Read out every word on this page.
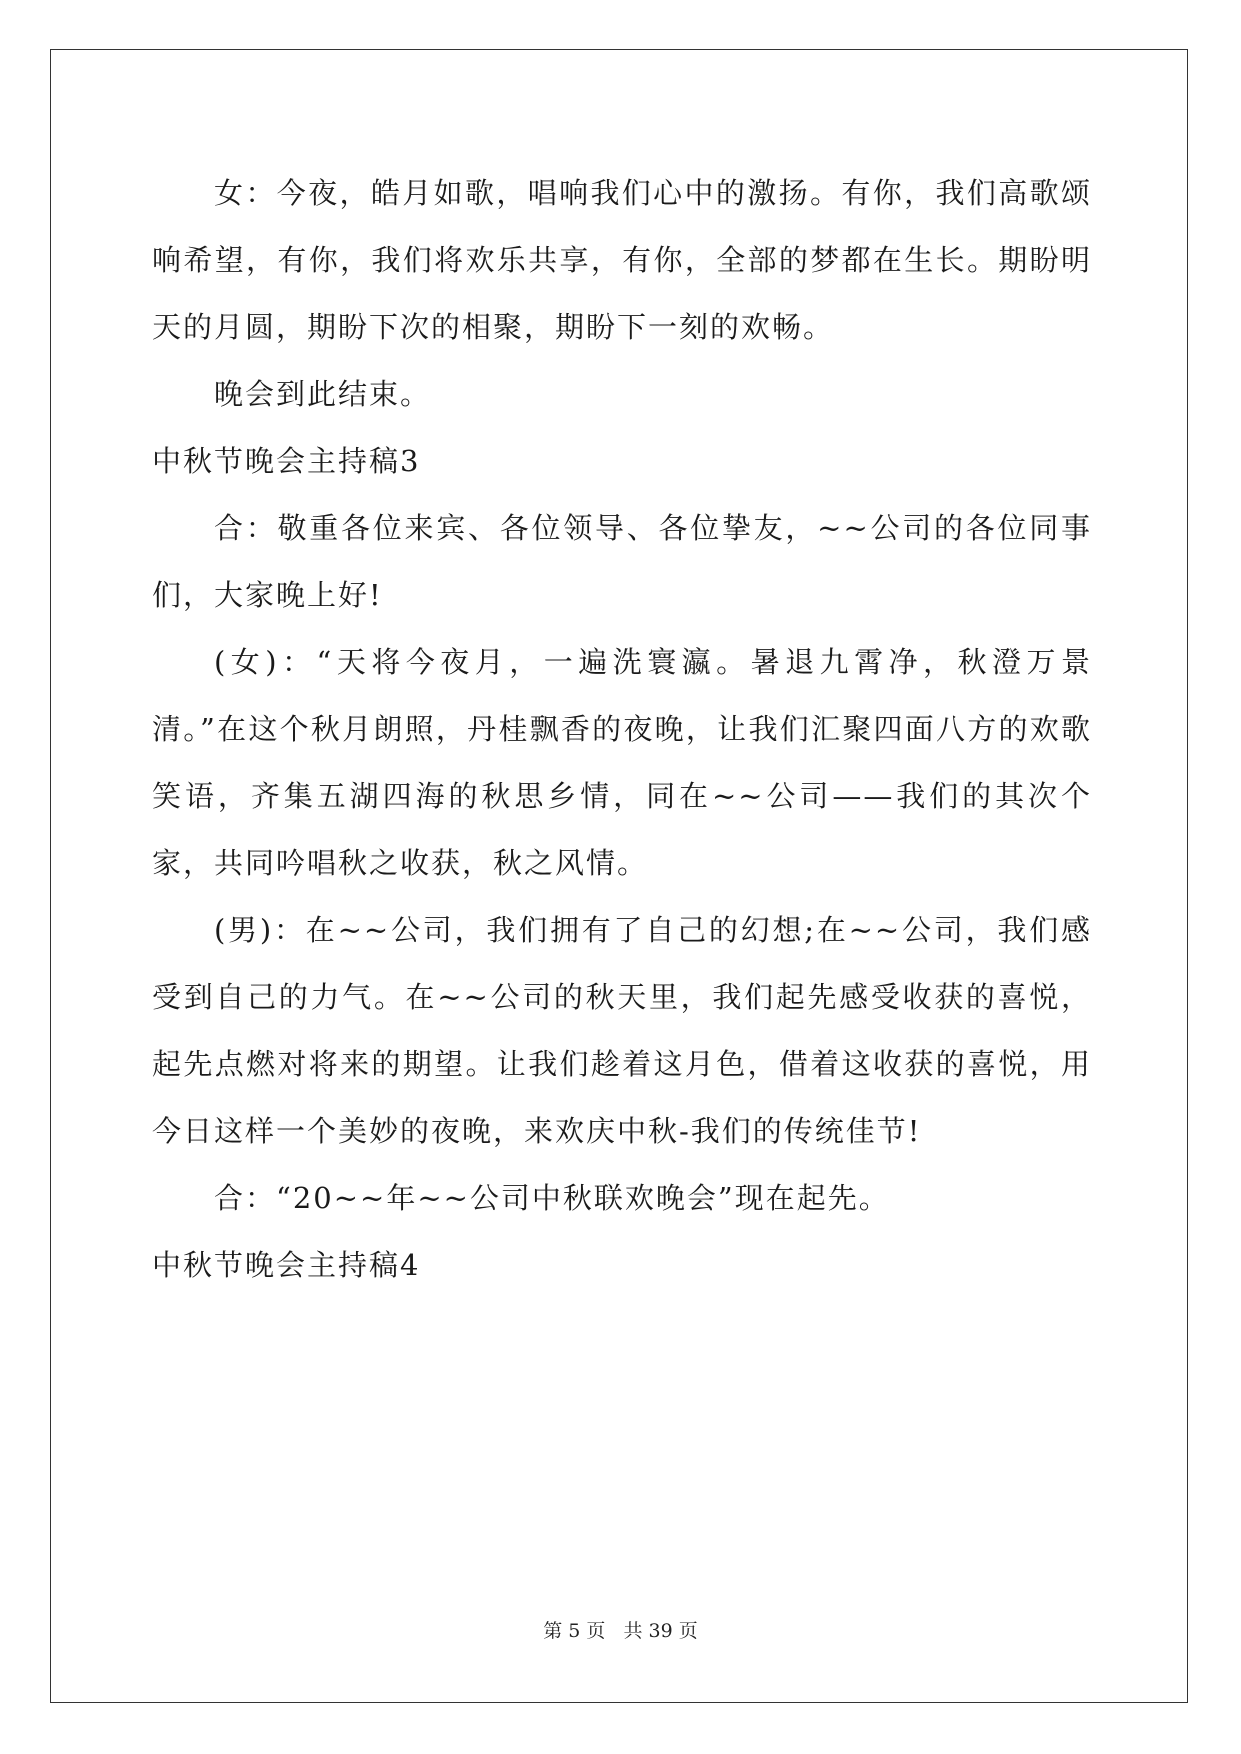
女：今夜，皓月如歌，唱响我们心中的激扬。有你，我们高歌颂响希望，有你，我们将欢乐共享，有你，全部的梦都在生长。期盼明天的月圆，期盼下次的相聚，期盼下一刻的欢畅。

晚会到此结束。

中秋节晚会主持稿3

合：敬重各位来宾、各位领导、各位挚友，~~公司的各位同事们，大家晚上好!

(女)：“天将今夜月，一遍洗寰瀛。暑退九霄净，秋澄万景清。”在这个秋月朗照，丹桂飘香的夜晚，让我们汇聚四面八方的欢歌笑语，齐集五湖四海的秋思乡情，同在~~公司——我们的其次个家，共同吟唱秋之收获，秋之风情。

(男)：在~~公司，我们拥有了自己的幻想;在~~公司，我们感受到自己的力气。在~~公司的秋天里，我们起先感受收获的喜悦，起先点燃对将来的期望。让我们趁着这月色，借着这收获的喜悦，用今日这样一个美妙的夜晚，来欢庆中秋-我们的传统佳节!

合：“20~~年~~公司中秋联欢晚会”现在起先。

中秋节晚会主持稿4

第 5 页 共 39 页
